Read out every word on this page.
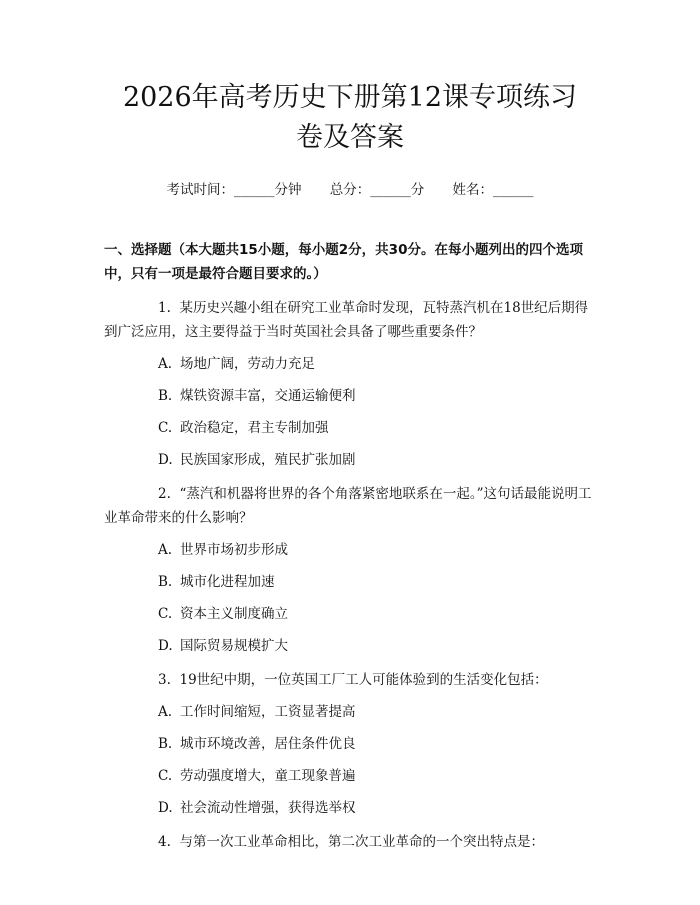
2026年高考历史下册第12课专项练习卷及答案
考试时间：______分钟 总分：______分 姓名：______
一、选择题（本大题共15小题，每小题2分，共30分。在每小题列出的四个选项中，只有一项是最符合题目要求的。）
1. 某历史兴趣小组在研究工业革命时发现，瓦特蒸汽机在18世纪后期得到广泛应用，这主要得益于当时英国社会具备了哪些重要条件？
A. 场地广阔，劳动力充足
B. 煤铁资源丰富，交通运输便利
C. 政治稳定，君主专制加强
D. 民族国家形成，殖民扩张加剧
2. “蒸汽和机器将世界的各个角落紧密地联系在一起。”这句话最能说明工业革命带来的什么影响？
A. 世界市场初步形成
B. 城市化进程加速
C. 资本主义制度确立
D. 国际贸易规模扩大
3. 19世纪中期，一位英国工厂工人可能体验到的生活变化包括：
A. 工作时间缩短，工资显著提高
B. 城市环境改善，居住条件优良
C. 劳动强度增大，童工现象普遍
D. 社会流动性增强，获得选举权
4. 与第一次工业革命相比，第二次工业革命的一个突出特点是：
